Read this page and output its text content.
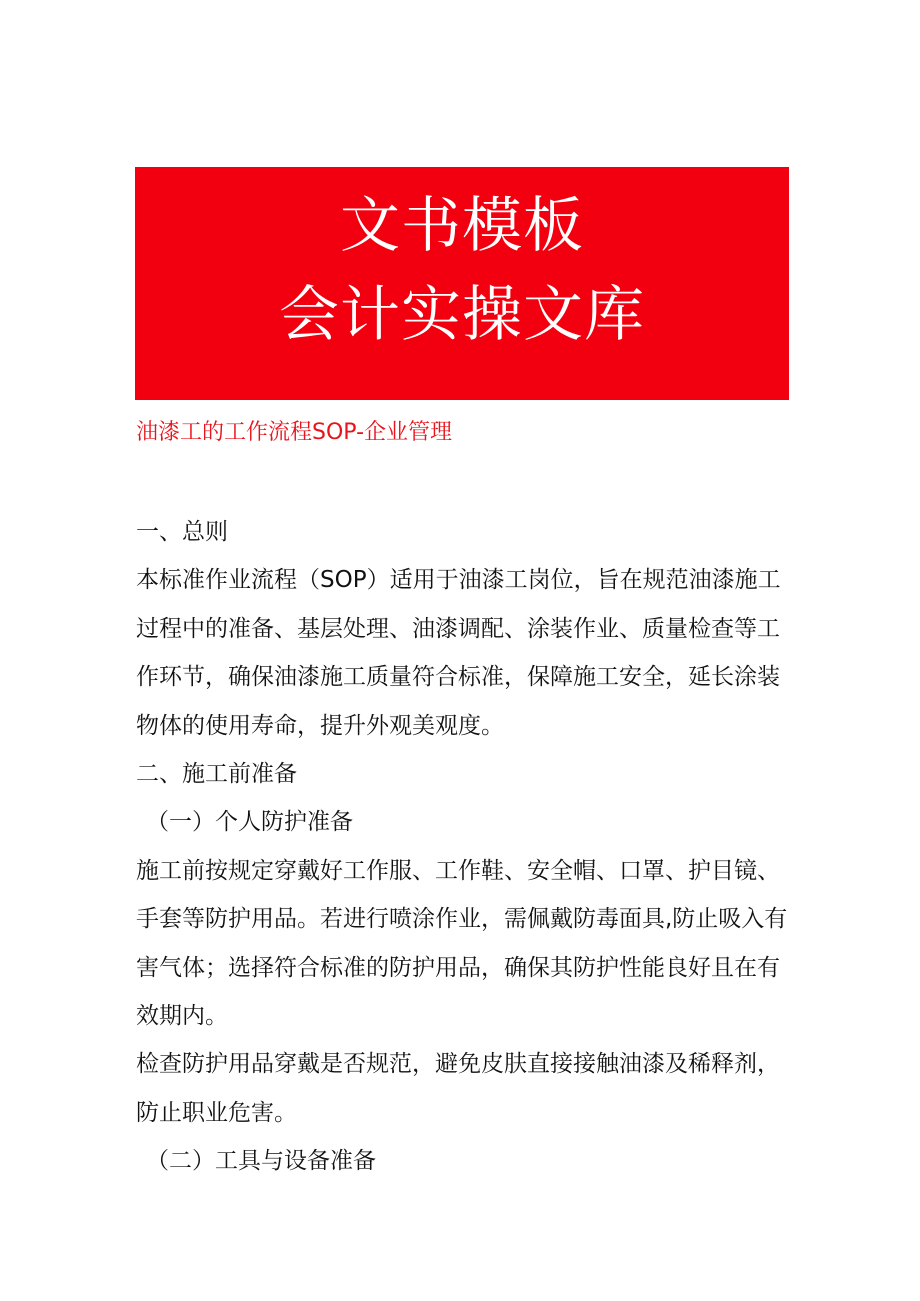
文书模板
会计实操文库
油漆工的工作流程SOP-企业管理
一、总则
本标准作业流程（SOP）适用于油漆工岗位，旨在规范油漆施工
过程中的准备、基层处理、油漆调配、涂装作业、质量检查等工
作环节，确保油漆施工质量符合标准，保障施工安全，延长涂装
物体的使用寿命，提升外观美观度。
二、施工前准备
（一）个人防护准备
施工前按规定穿戴好工作服、工作鞋、安全帽、口罩、护目镜、
手套等防护用品。若进行喷涂作业，需佩戴防毒面具,防止吸入有
害气体；选择符合标准的防护用品，确保其防护性能良好且在有
效期内。
检查防护用品穿戴是否规范，避免皮肤直接接触油漆及稀释剂，
防止职业危害。
（二）工具与设备准备
